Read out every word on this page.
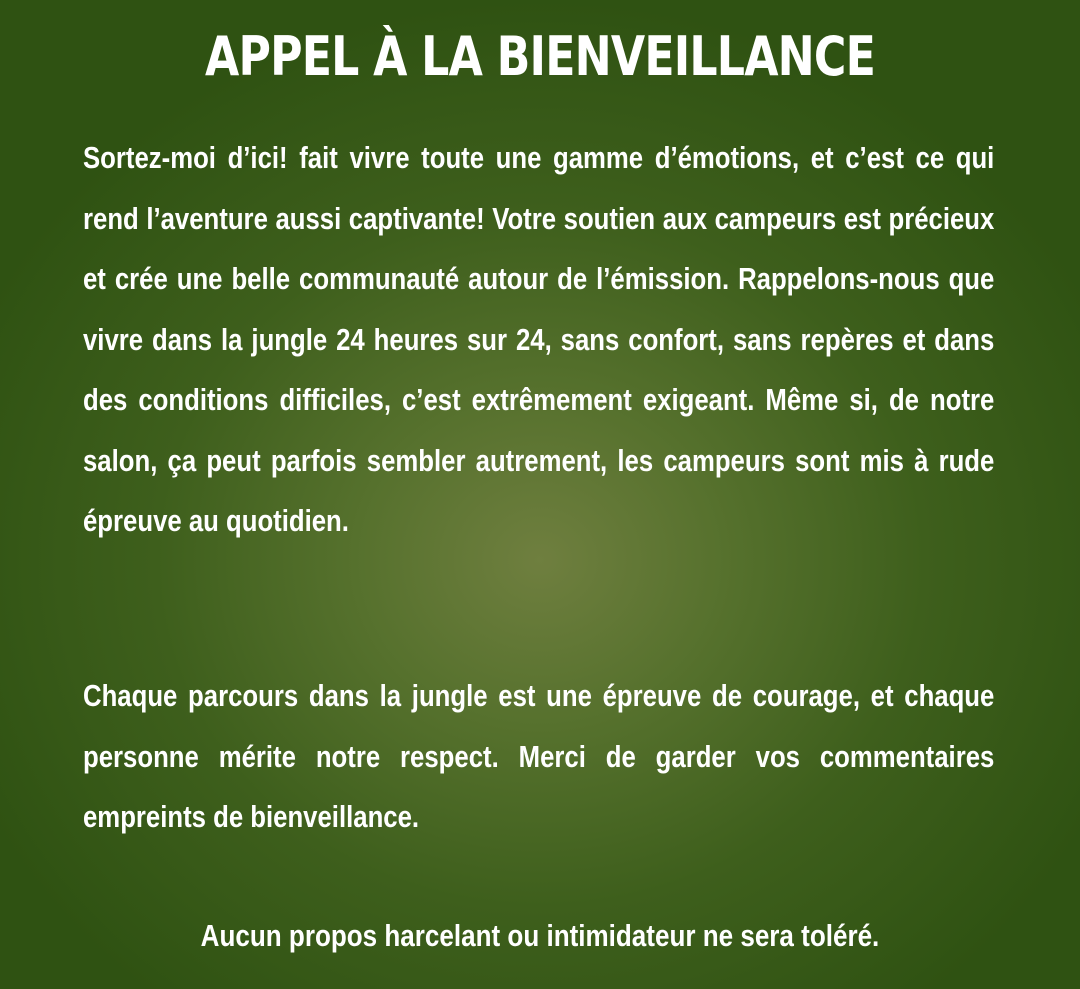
APPEL À LA BIENVEILLANCE

Sortez-moi d’ici! fait vivre toute une gamme d’émotions, et c’est ce qui rend l’aventure aussi captivante! Votre soutien aux campeurs est précieux et crée une belle communauté autour de l’émission. Rappelons-nous que vivre dans la jungle 24 heures sur 24, sans confort, sans repères et dans des conditions difficiles, c’est extrêmement exigeant. Même si, de notre salon, ça peut parfois sembler autrement, les campeurs sont mis à rude épreuve au quotidien.

Chaque parcours dans la jungle est une épreuve de courage, et chaque personne mérite notre respect. Merci de garder vos commentaires empreints de bienveillance.

Aucun propos harcelant ou intimidateur ne sera toléré.
